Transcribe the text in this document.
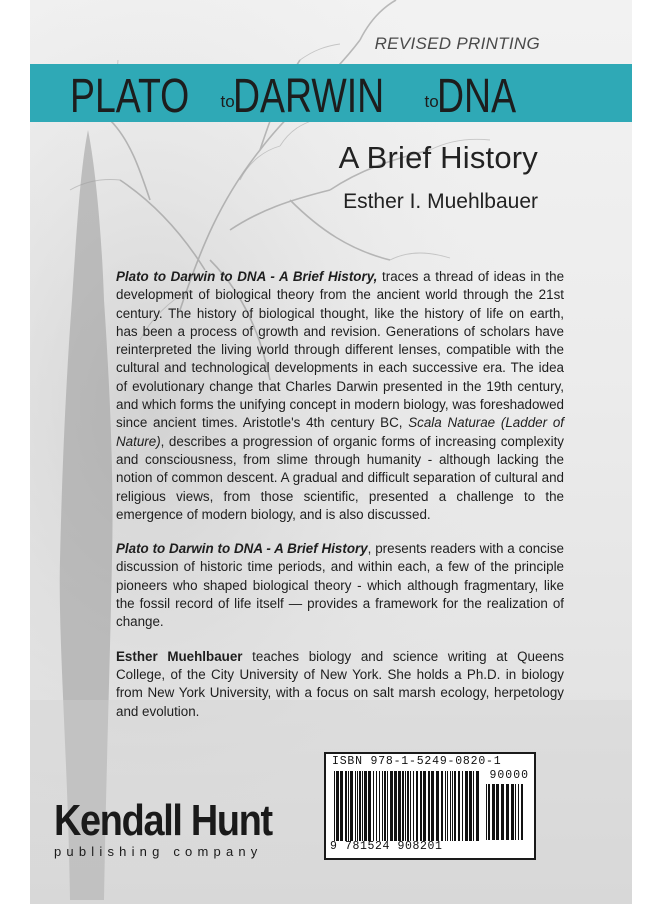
REVISED PRINTING
PLATO to
DARWIN to
DNA
A Brief History
Esther I. Muehlbauer

Plato to Darwin to DNA - A Brief History, traces a thread of ideas in the development of biological theory from the ancient world through the 21st century. The history of biological thought, like the history of life on earth, has been a process of growth and revision. Generations of scholars have reinterpreted the living world through different lenses, compatible with the cultural and technological developments in each successive era. The idea of evolutionary change that Charles Darwin presented in the 19th century, and which forms the unifying concept in modern biology, was foreshadowed since ancient times. Aristotle's 4th century BC, Scala Naturae (Ladder of Nature), describes a progression of organic forms of increasing complexity and consciousness, from slime through humanity - although lacking the notion of common descent. A gradual and difficult separation of cultural and religious views, from those scientific, presented a challenge to the emergence of modern biology, and is also discussed.

Plato to Darwin to DNA - A Brief History, presents readers with a concise discussion of historic time periods, and within each, a few of the principle pioneers who shaped biological theory - which although fragmentary, like the fossil record of life itself — provides a framework for the realization of change.

Esther Muehlbauer teaches biology and science writing at Queens College, of the City University of New York. She holds a Ph.D. in biology from New York University, with a focus on salt marsh ecology, herpetology and evolution.

Kendall Hunt
publishing company
ISBN 978-1-5249-0820-1
90000
9 781524 908201
